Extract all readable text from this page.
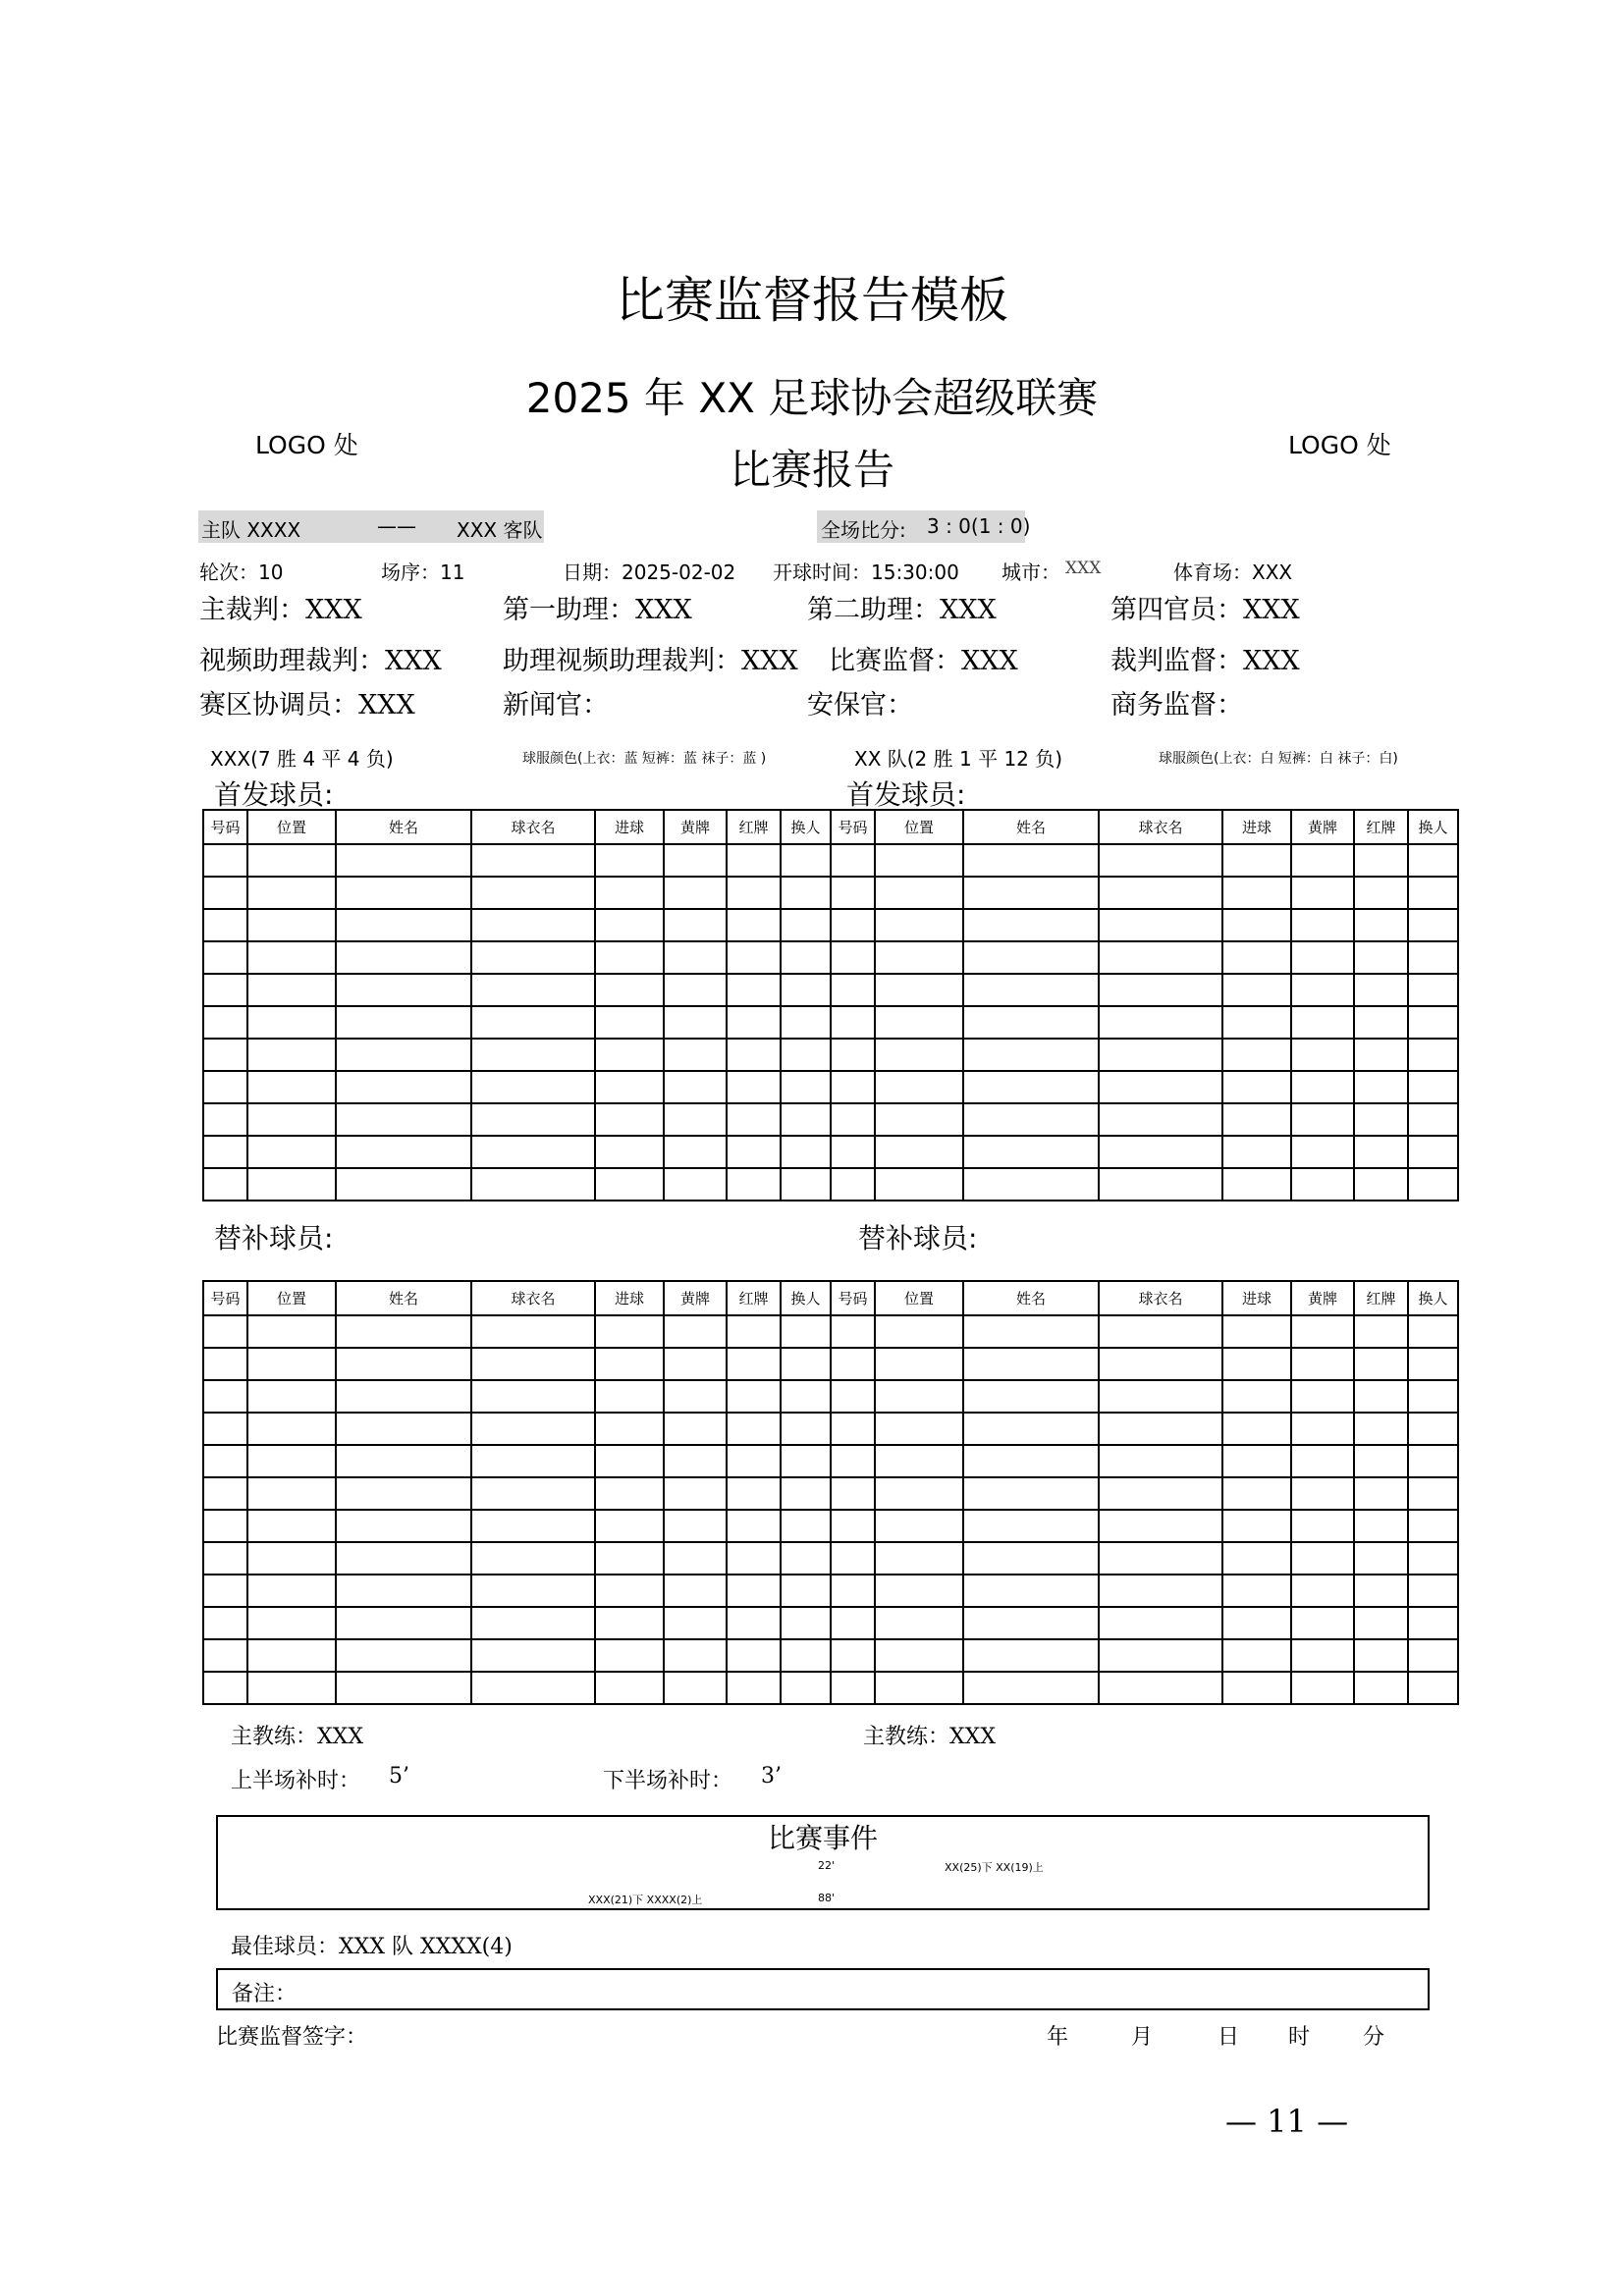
比赛监督报告模板
2025 年 XX 足球协会超级联赛
比赛报告
LOGO 处	LOGO 处
主队 XXXX	—— XXX 客队	全场比分: 3 : 0(1 : 0)
轮次：10	场序：11	日期：2025-02-02 开球时间：15:30:00 城市： XXX	体育场：XXX
主裁判：XXX	第一助理：XXX	第二助理：XXX	第四官员：XXX
视频助理裁判：XXX 助理视频助理裁判：XXX 比赛监督：XXX	裁判监督：XXX
赛区协调员：XXX	新闻官：	安保官：	商务监督：
XXX(7 胜 4 平 4 负)	球服颜色(上衣：蓝 短裤：蓝 袜子：蓝 )	XX 队(2 胜 1 平 12 负)	球服颜色(上衣：白 短裤：白 袜子：白)
首发球员:	首发球员:
号码	位置	姓名	球衣名	进球	黄牌	红牌	换人	号码	位置	姓名	球衣名	进球	黄牌	红牌	换人

替补球员:	替补球员:
号码	位置	姓名	球衣名	进球	黄牌	红牌	换人	号码	位置	姓名	球衣名	进球	黄牌	红牌	换人

主教练：XXX	主教练：XXX
上半场补时： 5’	下半场补时： 3’
比赛事件
22'	XX(25)下 XX(19)上
XXX(21)下 XXXX(2)上	88'
最佳球员：XXX 队 XXXX(4)
备注：
比赛监督签字：	年	月	日 时 分
— 11 —
